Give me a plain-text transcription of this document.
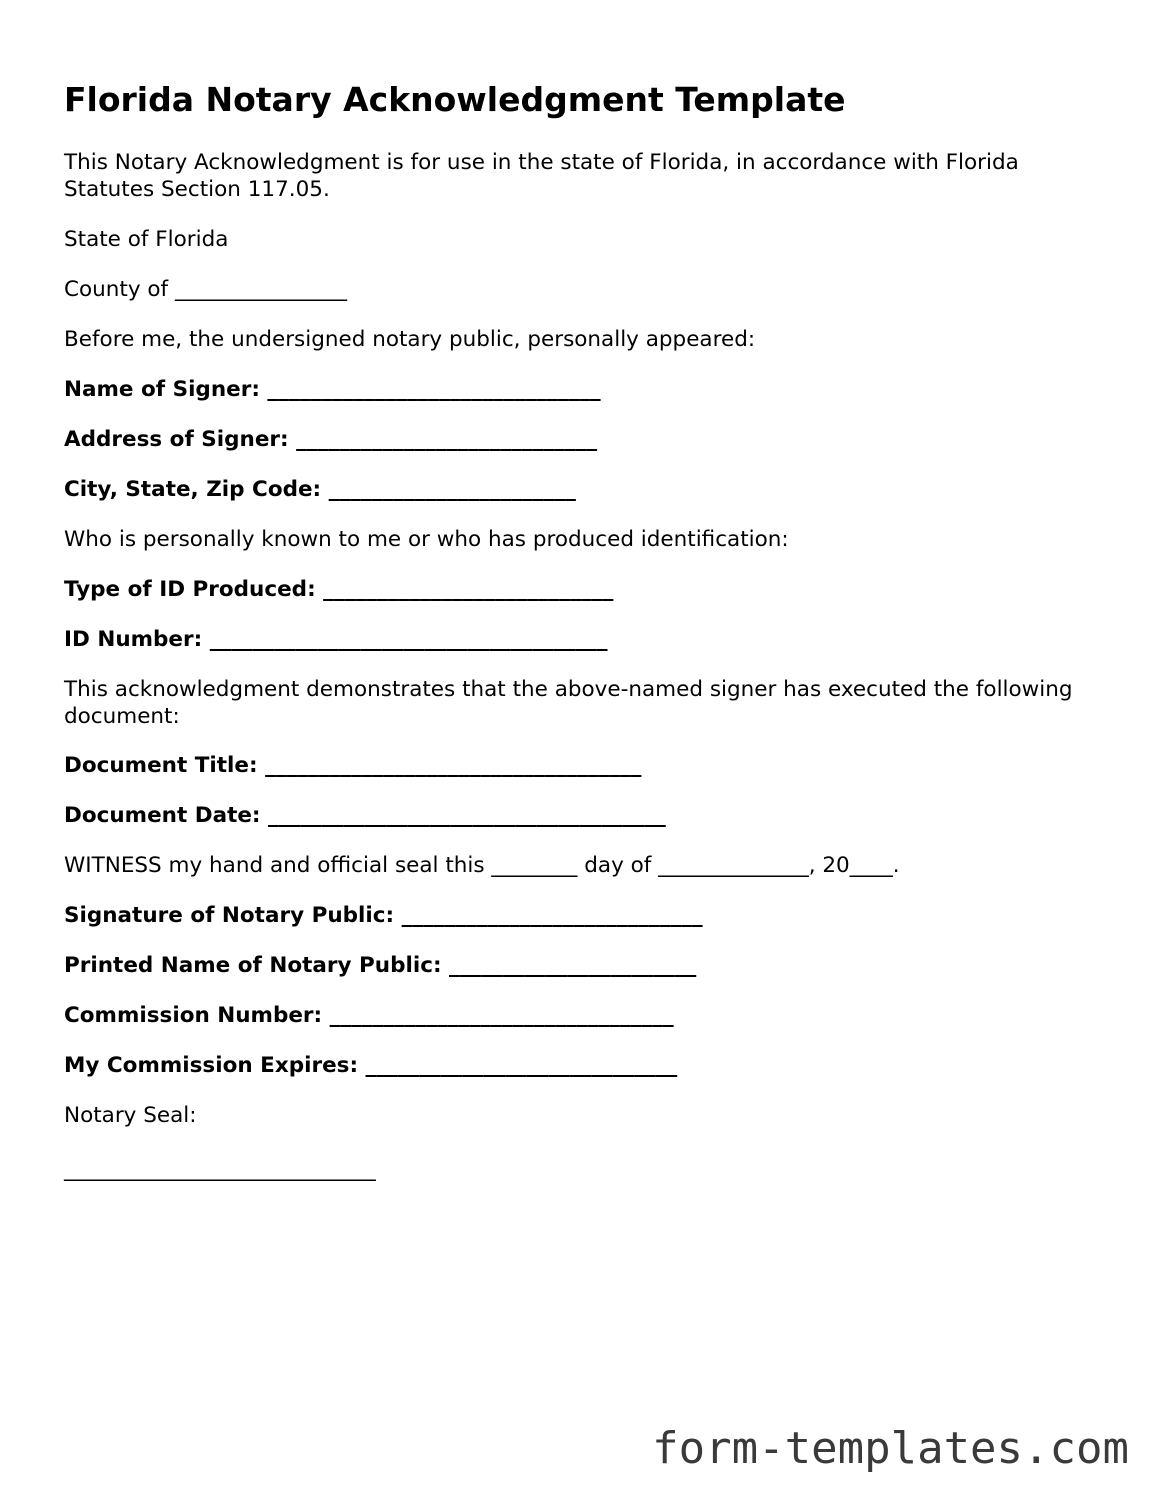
Florida Notary Acknowledgment Template

This Notary Acknowledgment is for use in the state of Florida, in accordance with Florida Statutes Section 117.05.

State of Florida

County of ________________

Before me, the undersigned notary public, personally appeared:

Name of Signer: _______________________________

Address of Signer: ____________________________

City, State, Zip Code: _______________________

Who is personally known to me or who has produced identification:

Type of ID Produced: ___________________________

ID Number: _____________________________________

This acknowledgment demonstrates that the above-named signer has executed the following document:

Document Title: ___________________________________

Document Date: _____________________________________

WITNESS my hand and official seal this ________ day of ______________, 20____.

Signature of Notary Public: ____________________________

Printed Name of Notary Public: _______________________

Commission Number: ________________________________

My Commission Expires: _____________________________

Notary Seal:

_____________________________

form-templates.com
